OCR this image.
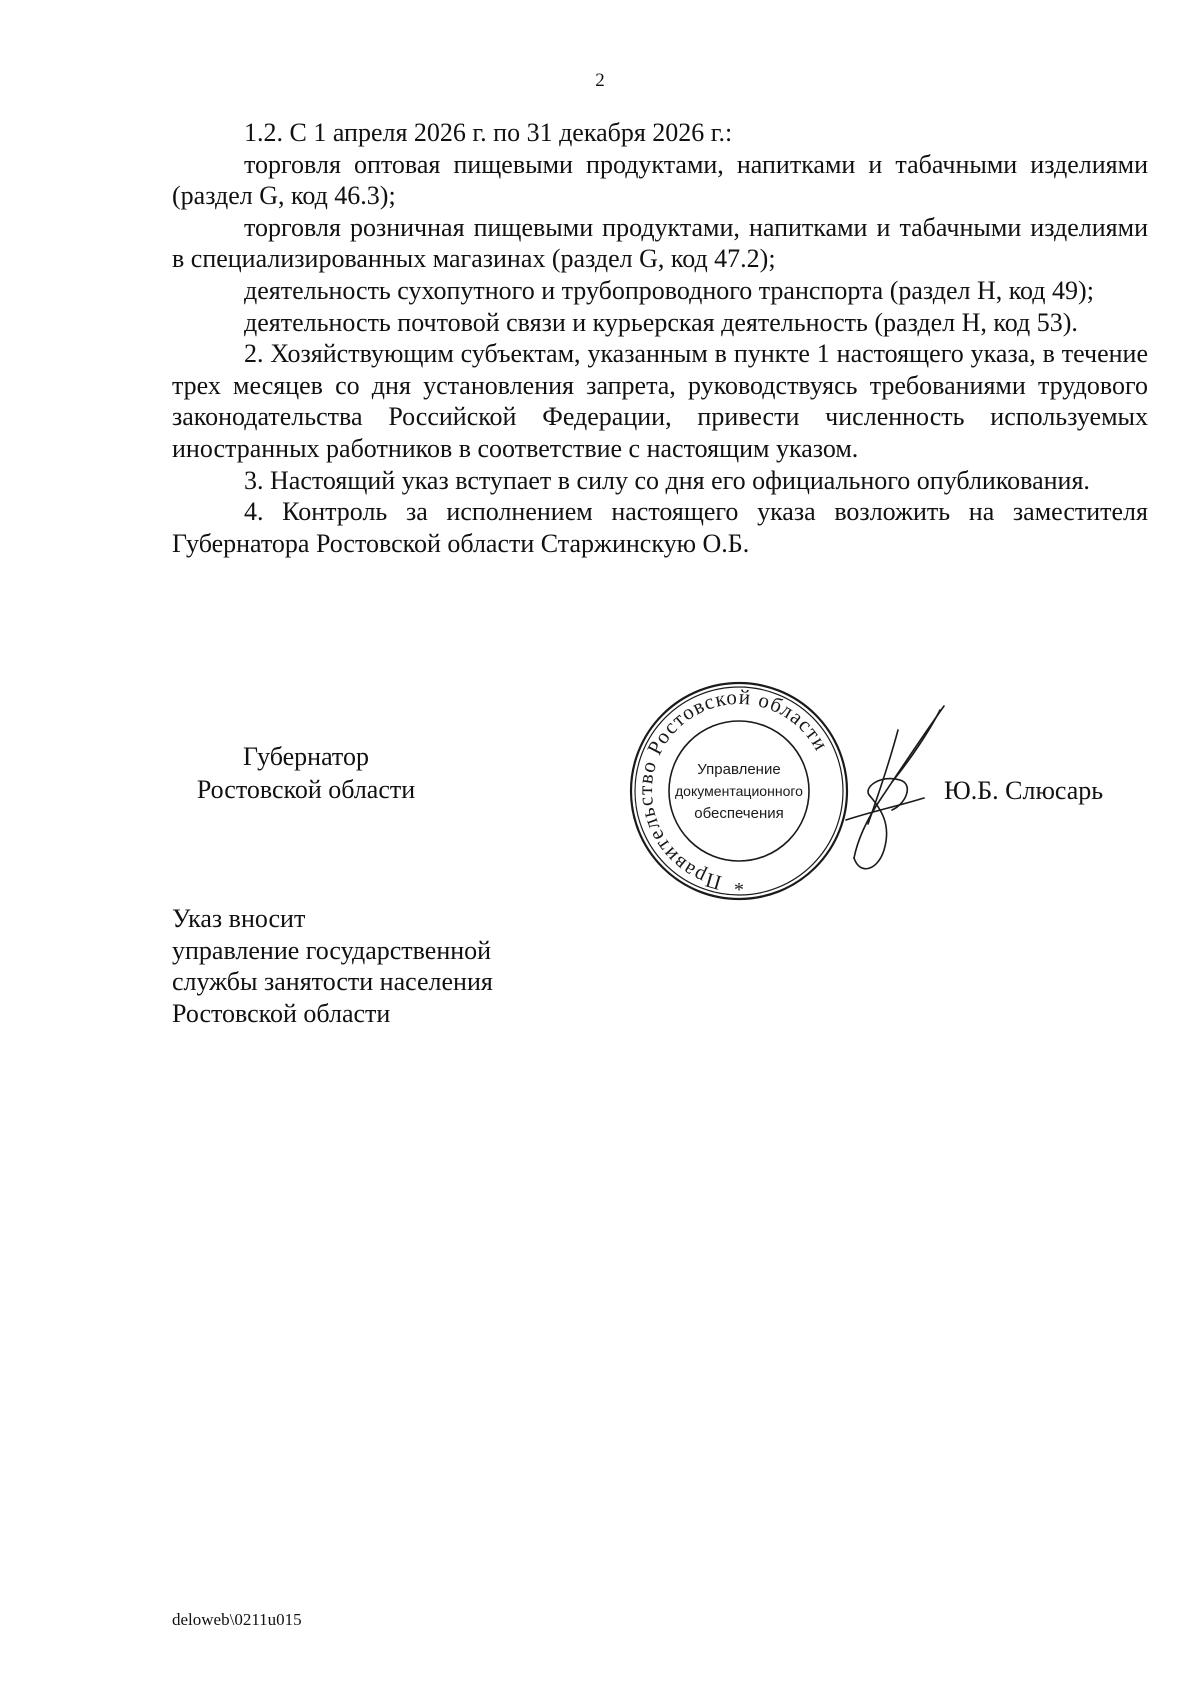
2

1.2. С 1 апреля 2026 г. по 31 декабря 2026 г.:

торговля оптовая пищевыми продуктами, напитками и табачными изделиями (раздел G, код 46.3);

торговля розничная пищевыми продуктами, напитками и табачными изделиями в специализированных магазинах (раздел G, код 47.2);

деятельность сухопутного и трубопроводного транспорта (раздел Н, код 49);

деятельность почтовой связи и курьерская деятельность (раздел Н, код 53).

2. Хозяйствующим субъектам, указанным в пункте 1 настоящего указа, в течение трех месяцев со дня установления запрета, руководствуясь требованиями трудового законодательства Российской Федерации, привести численность используемых иностранных работников в соответствие с настоящим указом.

3. Настоящий указ вступает в силу со дня его официального опубликования.

4. Контроль за исполнением настоящего указа возложить на заместителя Губернатора Ростовской области Старжинскую О.Б.

Губернатор
Ростовской области
Правительство Ростовской области
Управление
документационного
обеспечения
*
Ю.Б. Слюсарь
Указ вносит
управление государственной
службы занятости населения
Ростовской области
deloweb\0211u015
